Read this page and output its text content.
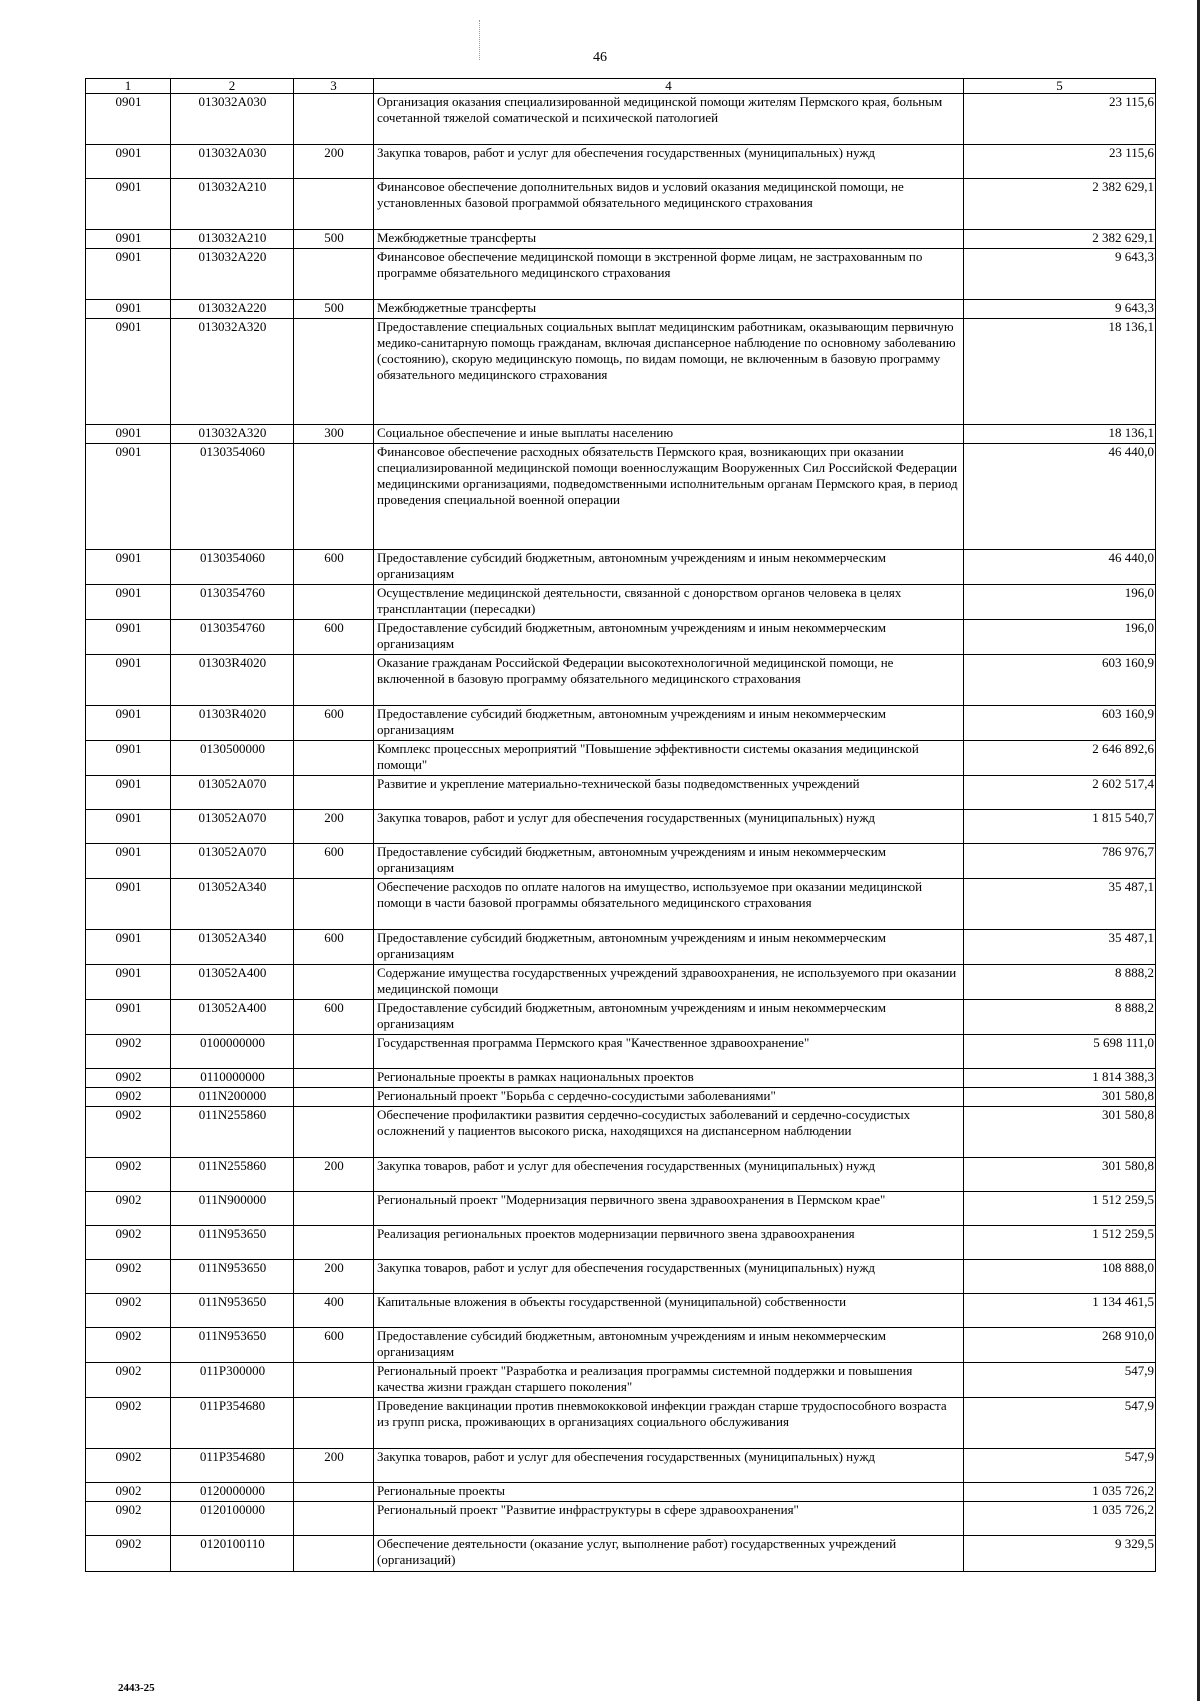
46
1	2	3	4	5
0901	013032A030		Организация оказания специализированной медицинской помощи жителям Пермского края, больным сочетанной тяжелой соматической и психической патологией	23 115,6
0901	013032A030	200	Закупка товаров, работ и услуг для обеспечения государственных (муниципальных) нужд	23 115,6
0901	013032A210		Финансовое обеспечение дополнительных видов и условий оказания медицинской помощи, не установленных базовой программой обязательного медицинского страхования	2 382 629,1
0901	013032A210	500	Межбюджетные трансферты	2 382 629,1
0901	013032A220		Финансовое обеспечение медицинской помощи в экстренной форме лицам, не застрахованным по программе обязательного медицинского страхования	9 643,3
0901	013032A220	500	Межбюджетные трансферты	9 643,3
0901	013032A320		Предоставление специальных социальных выплат медицинским работникам, оказывающим первичную медико-санитарную помощь гражданам, включая диспансерное наблюдение по основному заболеванию (состоянию), скорую медицинскую помощь, по видам помощи, не включенным в базовую программу обязательного медицинского страхования	18 136,1
0901	013032A320	300	Социальное обеспечение и иные выплаты населению	18 136,1
0901	0130354060		Финансовое обеспечение расходных обязательств Пермского края, возникающих при оказании специализированной медицинской помощи военнослужащим Вооруженных Сил Российской Федерации медицинскими организациями, подведомственными исполнительным органам Пермского края, в период проведения специальной военной операции	46 440,0
0901	0130354060	600	Предоставление субсидий бюджетным, автономным учреждениям и иным некоммерческим организациям	46 440,0
0901	0130354760		Осуществление медицинской деятельности, связанной с донорством органов человека в целях трансплантации (пересадки)	196,0
0901	0130354760	600	Предоставление субсидий бюджетным, автономным учреждениям и иным некоммерческим организациям	196,0
0901	01303R4020		Оказание гражданам Российской Федерации высокотехнологичной медицинской помощи, не включенной в базовую программу обязательного медицинского страхования	603 160,9
0901	01303R4020	600	Предоставление субсидий бюджетным, автономным учреждениям и иным некоммерческим организациям	603 160,9
0901	0130500000		Комплекс процессных мероприятий "Повышение эффективности системы оказания медицинской помощи"	2 646 892,6
0901	013052A070		Развитие и укрепление материально-технической базы подведомственных учреждений	2 602 517,4
0901	013052A070	200	Закупка товаров, работ и услуг для обеспечения государственных (муниципальных) нужд	1 815 540,7
0901	013052A070	600	Предоставление субсидий бюджетным, автономным учреждениям и иным некоммерческим организациям	786 976,7
0901	013052A340		Обеспечение расходов по оплате налогов на имущество, используемое при оказании медицинской помощи в части базовой программы обязательного медицинского страхования	35 487,1
0901	013052A340	600	Предоставление субсидий бюджетным, автономным учреждениям и иным некоммерческим организациям	35 487,1
0901	013052A400		Содержание имущества государственных учреждений здравоохранения, не используемого при оказании медицинской помощи	8 888,2
0901	013052A400	600	Предоставление субсидий бюджетным, автономным учреждениям и иным некоммерческим организациям	8 888,2
0902	0100000000		Государственная программа Пермского края "Качественное здравоохранение"	5 698 111,0
0902	0110000000		Региональные проекты в рамках национальных проектов	1 814 388,3
0902	011N200000		Региональный проект "Борьба с сердечно-сосудистыми заболеваниями"	301 580,8
0902	011N255860		Обеспечение профилактики развития сердечно-сосудистых заболеваний и сердечно-сосудистых осложнений у пациентов высокого риска, находящихся на диспансерном наблюдении	301 580,8
0902	011N255860	200	Закупка товаров, работ и услуг для обеспечения государственных (муниципальных) нужд	301 580,8
0902	011N900000		Региональный проект "Модернизация первичного звена здравоохранения в Пермском крае"	1 512 259,5
0902	011N953650		Реализация региональных проектов модернизации первичного звена здравоохранения	1 512 259,5
0902	011N953650	200	Закупка товаров, работ и услуг для обеспечения государственных (муниципальных) нужд	108 888,0
0902	011N953650	400	Капитальные вложения в объекты государственной (муниципальной) собственности	1 134 461,5
0902	011N953650	600	Предоставление субсидий бюджетным, автономным учреждениям и иным некоммерческим организациям	268 910,0
0902	011P300000		Региональный проект "Разработка и реализация программы системной поддержки и повышения качества жизни граждан старшего поколения"	547,9
0902	011P354680		Проведение вакцинации против пневмококковой инфекции граждан старше трудоспособного возраста из групп риска, проживающих в организациях социального обслуживания	547,9
0902	011P354680	200	Закупка товаров, работ и услуг для обеспечения государственных (муниципальных) нужд	547,9
0902	0120000000		Региональные проекты	1 035 726,2
0902	0120100000		Региональный проект "Развитие инфраструктуры в сфере здравоохранения"	1 035 726,2
0902	0120100110		Обеспечение деятельности (оказание услуг, выполнение работ) государственных учреждений (организаций)	9 329,5
2443-25
